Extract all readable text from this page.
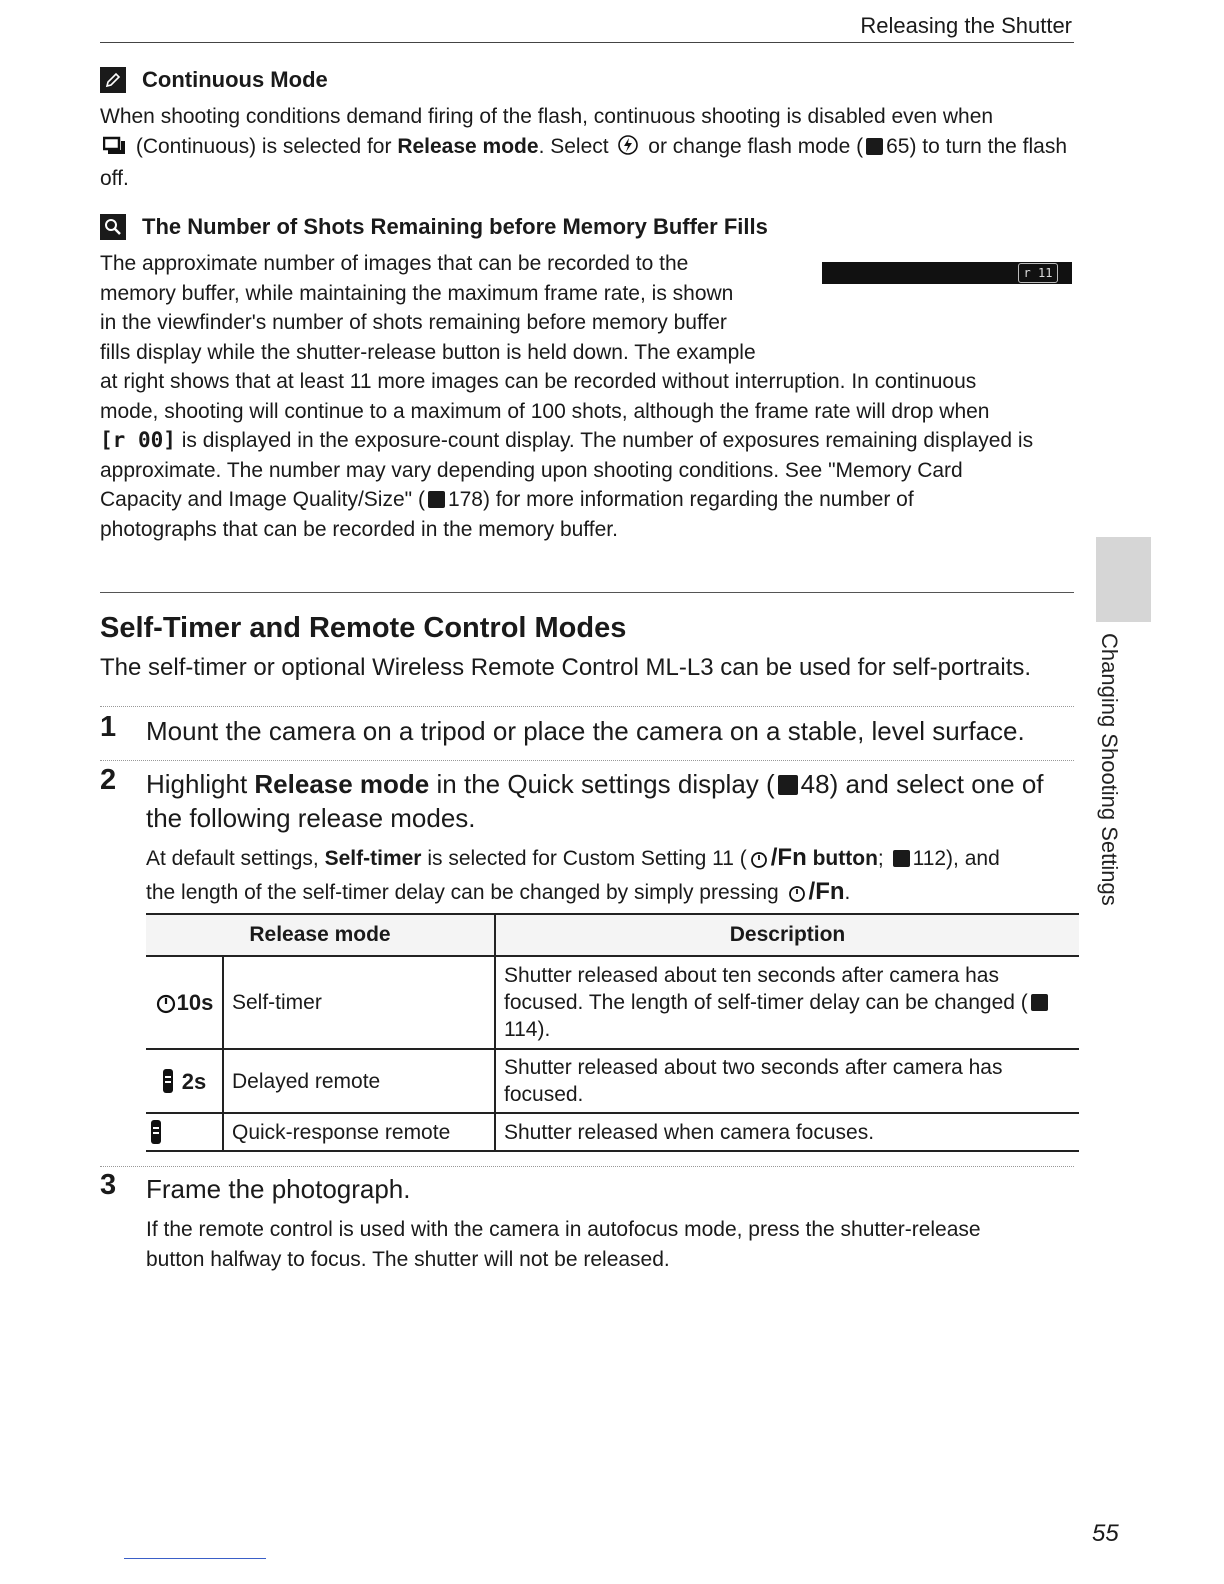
Releasing the Shutter
Continuous Mode

When shooting conditions demand firing of the flash, continuous shooting is disabled even when
(Continuous) is selected for Release mode. Select or change flash mode ( 65) to turn the flash off.

The Number of Shots Remaining before Memory Buffer Fills

The approximate number of images that can be recorded to the
memory buffer, while maintaining the maximum frame rate, is shown
in the viewfinder's number of shots remaining before memory buffer
fills display while the shutter-release button is held down. The example
at right shows that at least 11 more images can be recorded without interruption. In continuous
mode, shooting will continue to a maximum of 100 shots, although the frame rate will drop when
[r 00] is displayed in the exposure-count display. The number of exposures remaining displayed is
approximate. The number may vary depending upon shooting conditions. See "Memory Card
Capacity and Image Quality/Size" ( 178) for more information regarding the number of
photographs that can be recorded in the memory buffer.

r 11
Self-Timer and Remote Control Modes

The self-timer or optional Wireless Remote Control ML-L3 can be used for self-portraits.

1 Mount the camera on a tripod or place the camera on a stable, level surface.
2 Highlight Release mode in the Quick settings display ( 48) and select one of
the following release modes.

At default settings, Self-timer is selected for Custom Setting 11 ( /Fn button; 112), and
the length of the self-timer delay can be changed by simply pressing /Fn.

Release mode		Description
10s	Self-timer	Shutter released about ten seconds after camera has focused. The length of self-timer delay can be changed (114).
2s	Delayed remote	Shutter released about two seconds after camera has focused.
	Quick-response remote	Shutter released when camera focuses.
3 Frame the photograph.

If the remote control is used with the camera in autofocus mode, press the shutter-release button halfway to focus. The shutter will not be released.

Changing Shooting Settings
55
